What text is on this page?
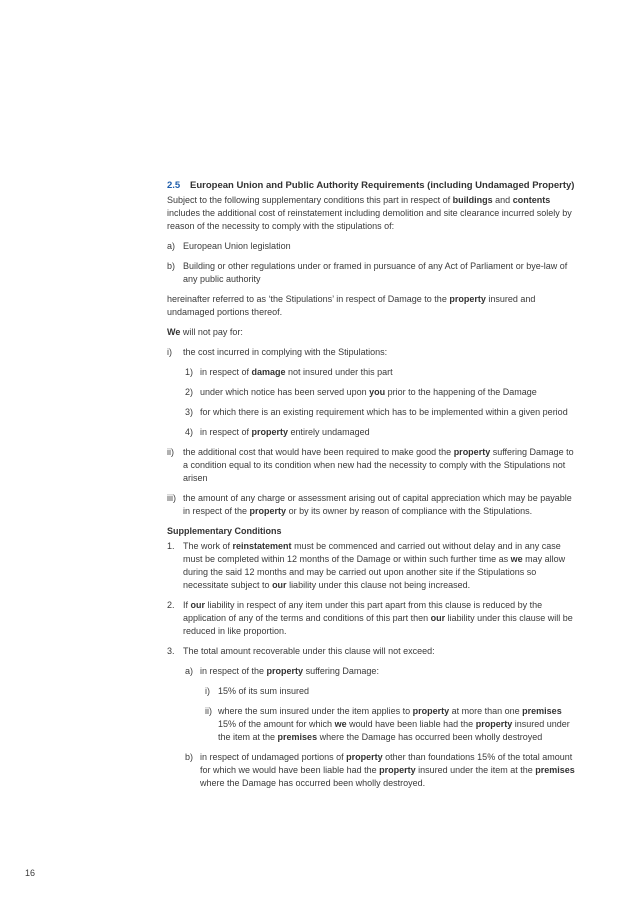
2.5	European Union and Public Authority Requirements (including Undamaged Property)
Subject to the following supplementary conditions this part in respect of buildings and contents includes the additional cost of reinstatement including demolition and site clearance incurred solely by reason of the necessity to comply with the stipulations of:
a) European Union legislation
b) Building or other regulations under or framed in pursuance of any Act of Parliament or bye-law of any public authority
hereinafter referred to as ‘the Stipulations’ in respect of Damage to the property insured and undamaged portions thereof.
We will not pay for:
i)	the cost incurred in complying with the Stipulations:
1) in respect of damage not insured under this part
2) under which notice has been served upon you prior to the happening of the Damage
3) for which there is an existing requirement which has to be implemented within a given period
4) in respect of property entirely undamaged
ii)	the additional cost that would have been required to make good the property suffering Damage to a condition equal to its condition when new had the necessity to comply with the Stipulations not arisen
iii) the amount of any charge or assessment arising out of capital appreciation which may be payable in respect of the property or by its owner by reason of compliance with the Stipulations.
Supplementary Conditions
1. The work of reinstatement must be commenced and carried out without delay and in any case must be completed within 12 months of the Damage or within such further time as we may allow during the said 12 months and may be carried out upon another site if the Stipulations so necessitate subject to our liability under this clause not being increased.
2. If our liability in respect of any item under this part apart from this clause is reduced by the application of any of the terms and conditions of this part then our liability under this clause will be reduced in like proportion.
3. The total amount recoverable under this clause will not exceed:
a) in respect of the property suffering Damage:
i) 15% of its sum insured
ii) where the sum insured under the item applies to property at more than one premises 15% of the amount for which we would have been liable had the property insured under the item at the premises where the Damage has occurred been wholly destroyed
b) in respect of undamaged portions of property other than foundations 15% of the total amount for which we would have been liable had the property insured under the item at the premises where the Damage has occurred been wholly destroyed.
16
